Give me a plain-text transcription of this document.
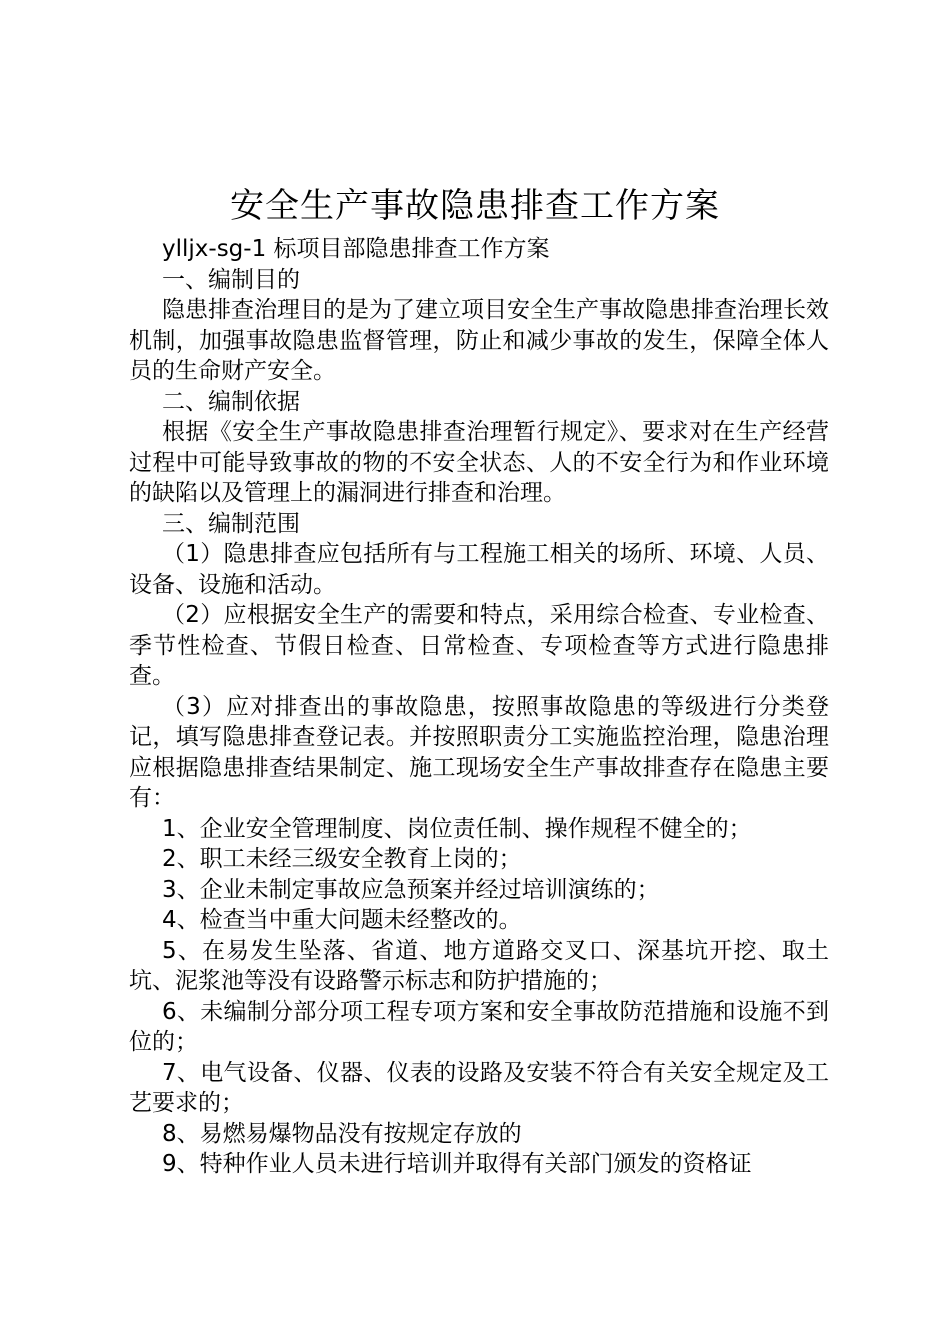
安全生产事故隐患排查工作方案

ylljx-sg-1 标项目部隐患排查工作方案

一、编制目的

隐患排查治理目的是为了建立项目安全生产事故隐患排查治理长效机制，加强事故隐患监督管理，防止和减少事故的发生，保障全体人员的生命财产安全。

二、编制依据

根据《安全生产事故隐患排查治理暂行规定》、要求对在生产经营过程中可能导致事故的物的不安全状态、人的不安全行为和作业环境的缺陷以及管理上的漏洞进行排查和治理。

三、编制范围

（1）隐患排查应包括所有与工程施工相关的场所、环境、人员、设备、设施和活动。

（2）应根据安全生产的需要和特点，采用综合检查、专业检查、季节性检查、节假日检查、日常检查、专项检查等方式进行隐患排查。

（3）应对排查出的事故隐患，按照事故隐患的等级进行分类登记，填写隐患排查登记表。并按照职责分工实施监控治理，隐患治理应根据隐患排查结果制定、施工现场安全生产事故排查存在隐患主要有：

1、企业安全管理制度、岗位责任制、操作规程不健全的；

2、职工未经三级安全教育上岗的；

3、企业未制定事故应急预案并经过培训演练的；

4、检查当中重大问题未经整改的。

5、在易发生坠落、省道、地方道路交叉口、深基坑开挖、取土坑、泥浆池等没有设路警示标志和防护措施的；

6、未编制分部分项工程专项方案和安全事故防范措施和设施不到位的；

7、电气设备、仪器、仪表的设路及安装不符合有关安全规定及工艺要求的；

8、易燃易爆物品没有按规定存放的

9、特种作业人员未进行培训并取得有关部门颁发的资格证
